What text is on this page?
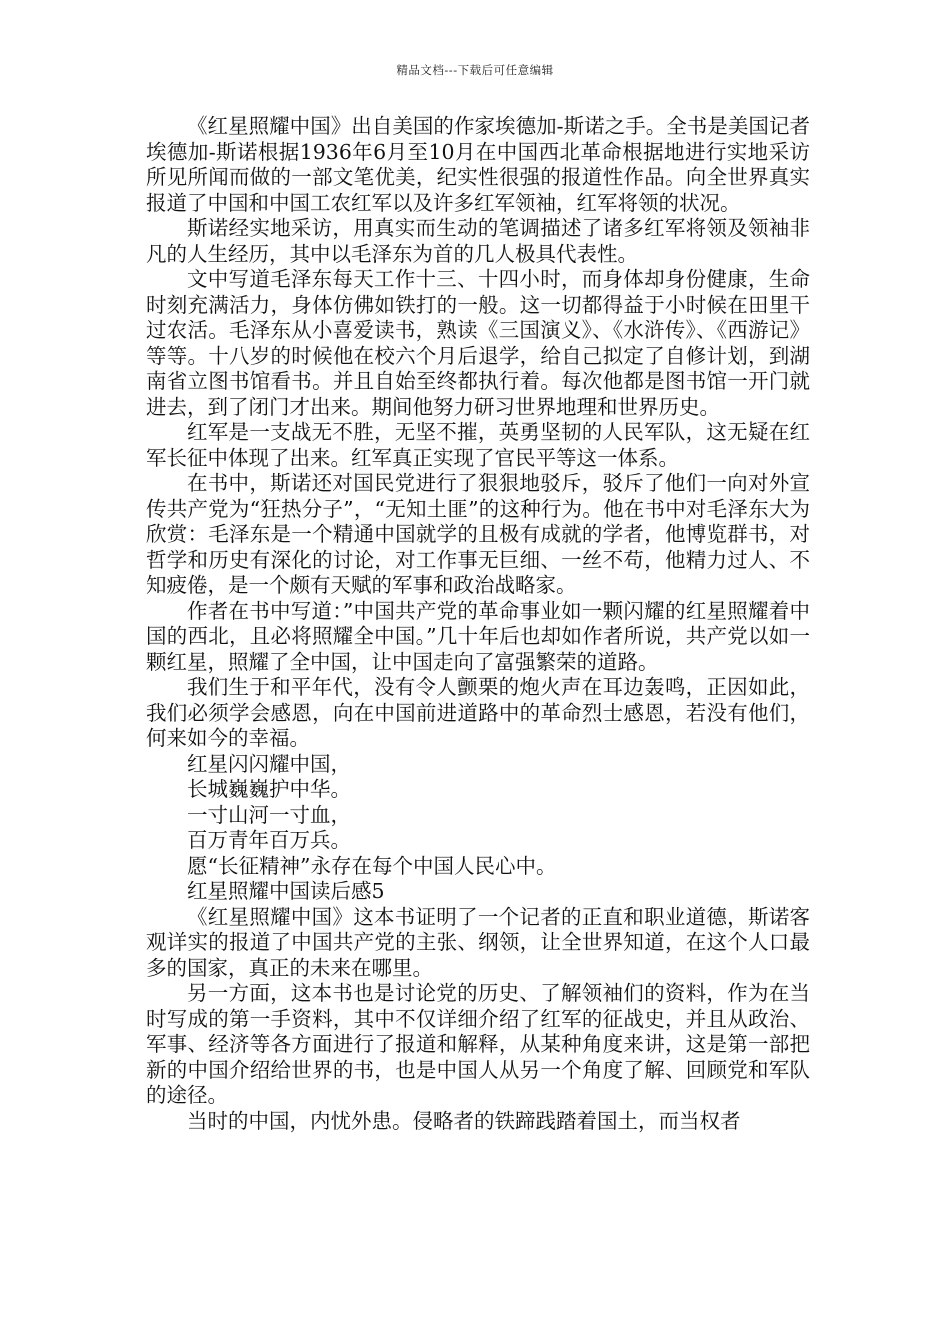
精品文档---下载后可任意编辑

《红星照耀中国》出自美国的作家埃德加-斯诺之手。全书是美国记者埃德加-斯诺根据1936年6月至10月在中国西北革命根据地进行实地采访所见所闻而做的一部文笔优美，纪实性很强的报道性作品。向全世界真实报道了中国和中国工农红军以及许多红军领袖，红军将领的状况。

斯诺经实地采访，用真实而生动的笔调描述了诸多红军将领及领袖非凡的人生经历，其中以毛泽东为首的几人极具代表性。

文中写道毛泽东每天工作十三、十四小时，而身体却身份健康，生命时刻充满活力，身体仿佛如铁打的一般。这一切都得益于小时候在田里干过农活。毛泽东从小喜爱读书，熟读《三国演义》、《水浒传》、《西游记》等等。十八岁的时候他在校六个月后退学，给自己拟定了自修计划，到湖南省立图书馆看书。并且自始至终都执行着。每次他都是图书馆一开门就进去，到了闭门才出来。期间他努力研习世界地理和世界历史。

红军是一支战无不胜，无坚不摧，英勇坚韧的人民军队，这无疑在红军长征中体现了出来。红军真正实现了官民平等这一体系。

在书中，斯诺还对国民党进行了狠狠地驳斥，驳斥了他们一向对外宣传共产党为“狂热分子”，“无知土匪”的这种行为。他在书中对毛泽东大为欣赏：毛泽东是一个精通中国就学的且极有成就的学者，他博览群书，对哲学和历史有深化的讨论，对工作事无巨细、一丝不苟，他精力过人、不知疲倦，是一个颇有天赋的军事和政治战略家。

作者在书中写道：”中国共产党的革命事业如一颗闪耀的红星照耀着中国的西北，且必将照耀全中国。”几十年后也却如作者所说，共产党以如一颗红星，照耀了全中国，让中国走向了富强繁荣的道路。

我们生于和平年代，没有令人颤栗的炮火声在耳边轰鸣，正因如此，我们必须学会感恩，向在中国前进道路中的革命烈士感恩，若没有他们，何来如今的幸福。

红星闪闪耀中国，

长城巍巍护中华。

一寸山河一寸血，

百万青年百万兵。

愿“长征精神”永存在每个中国人民心中。

红星照耀中国读后感5

《红星照耀中国》这本书证明了一个记者的正直和职业道德，斯诺客观详实的报道了中国共产党的主张、纲领，让全世界知道，在这个人口最多的国家，真正的未来在哪里。

另一方面，这本书也是讨论党的历史、了解领袖们的资料，作为在当时写成的第一手资料，其中不仅详细介绍了红军的征战史，并且从政治、军事、经济等各方面进行了报道和解释，从某种角度来讲，这是第一部把新的中国介绍给世界的书，也是中国人从另一个角度了解、回顾党和军队的途径。

当时的中国，内忧外患。侵略者的铁蹄践踏着国土，而当权者
